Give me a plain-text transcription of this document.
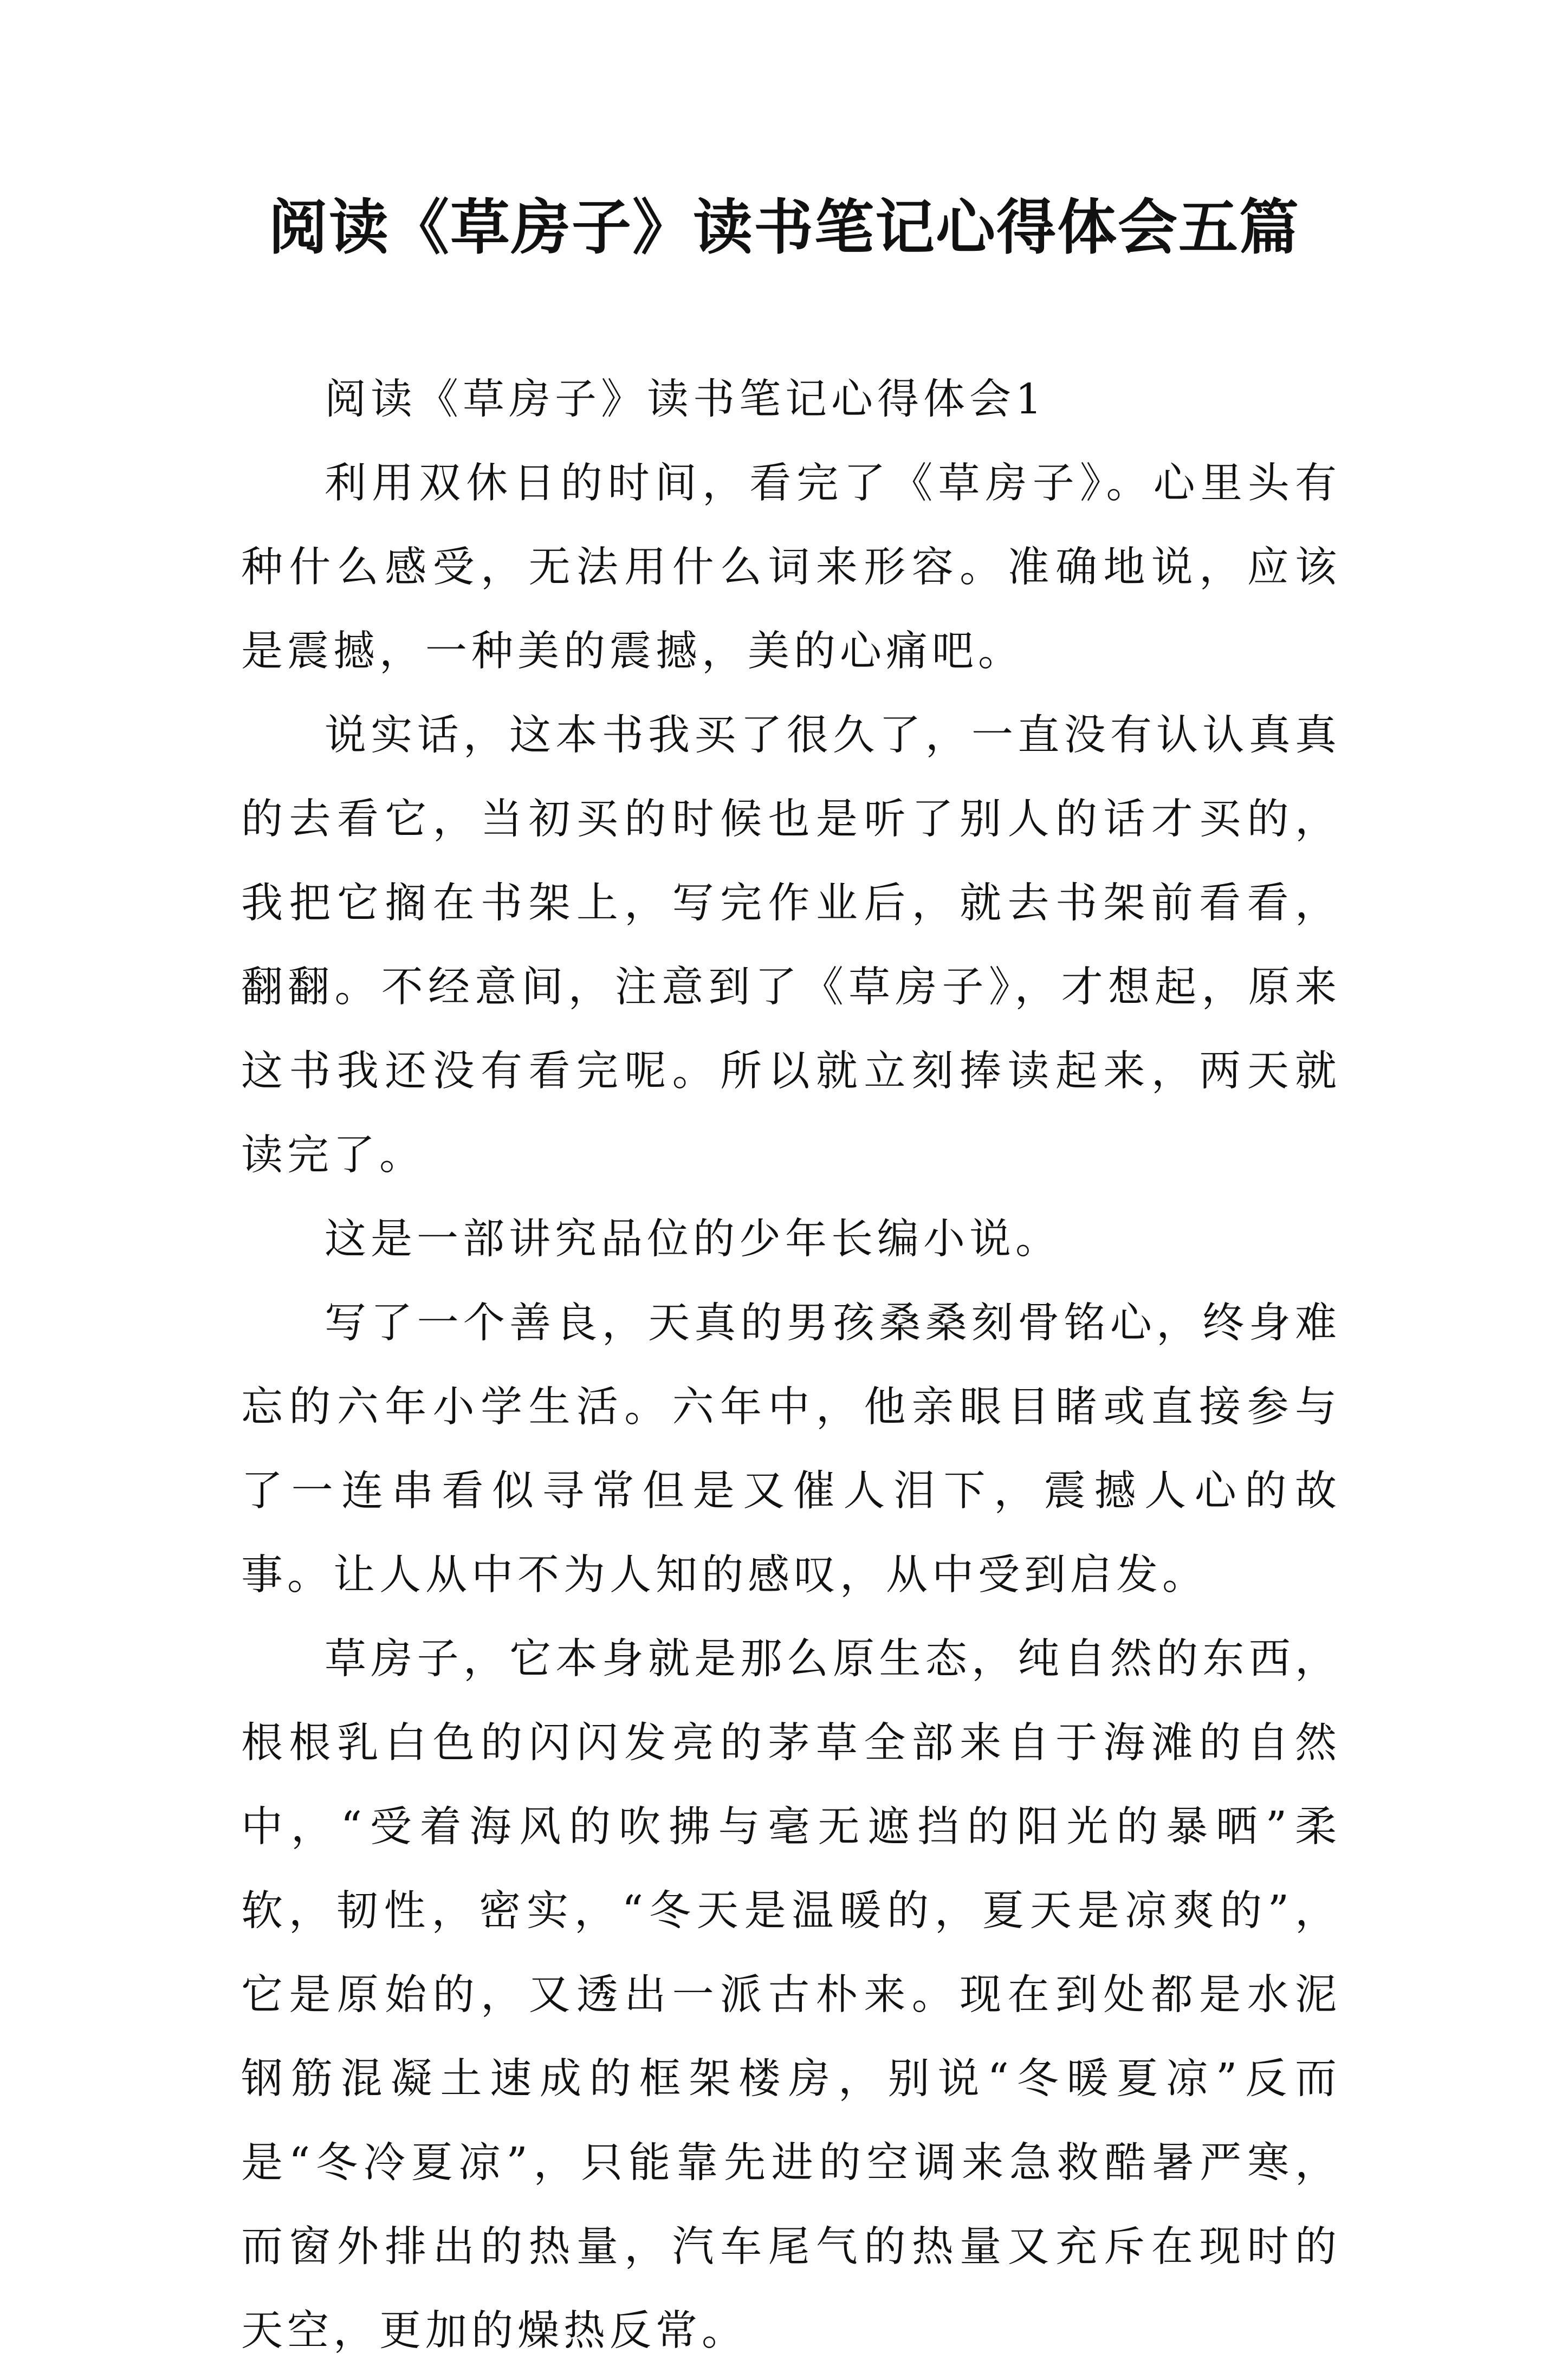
阅读《草房子》读书笔记心得体会五篇

阅读《草房子》读书笔记心得体会1

利用双休日的时间，看完了《草房子》。心里头有种什么感受，无法用什么词来形容。准确地说，应该是震撼，一种美的震撼，美的心痛吧。

说实话，这本书我买了很久了，一直没有认认真真的去看它，当初买的时候也是听了别人的话才买的，我把它搁在书架上，写完作业后，就去书架前看看，翻翻。不经意间，注意到了《草房子》，才想起，原来这书我还没有看完呢。所以就立刻捧读起来，两天就读完了。

这是一部讲究品位的少年长编小说。

写了一个善良，天真的男孩桑桑刻骨铭心，终身难忘的六年小学生活。六年中，他亲眼目睹或直接参与了一连串看似寻常但是又催人泪下，震撼人心的故事。让人从中不为人知的感叹，从中受到启发。

草房子，它本身就是那么原生态，纯自然的东西，根根乳白色的闪闪发亮的茅草全部来自于海滩的自然中，“受着海风的吹拂与毫无遮挡的阳光的暴晒”柔软，韧性，密实，“冬天是温暖的，夏天是凉爽的”，它是原始的，又透出一派古朴来。现在到处都是水泥钢筋混凝土速成的框架楼房，别说“冬暖夏凉”反而是“冬冷夏凉”，只能靠先进的空调来急救酷暑严寒，而窗外排出的热量，汽车尾气的热量又充斥在现时的天空，更加的燥热反常。
